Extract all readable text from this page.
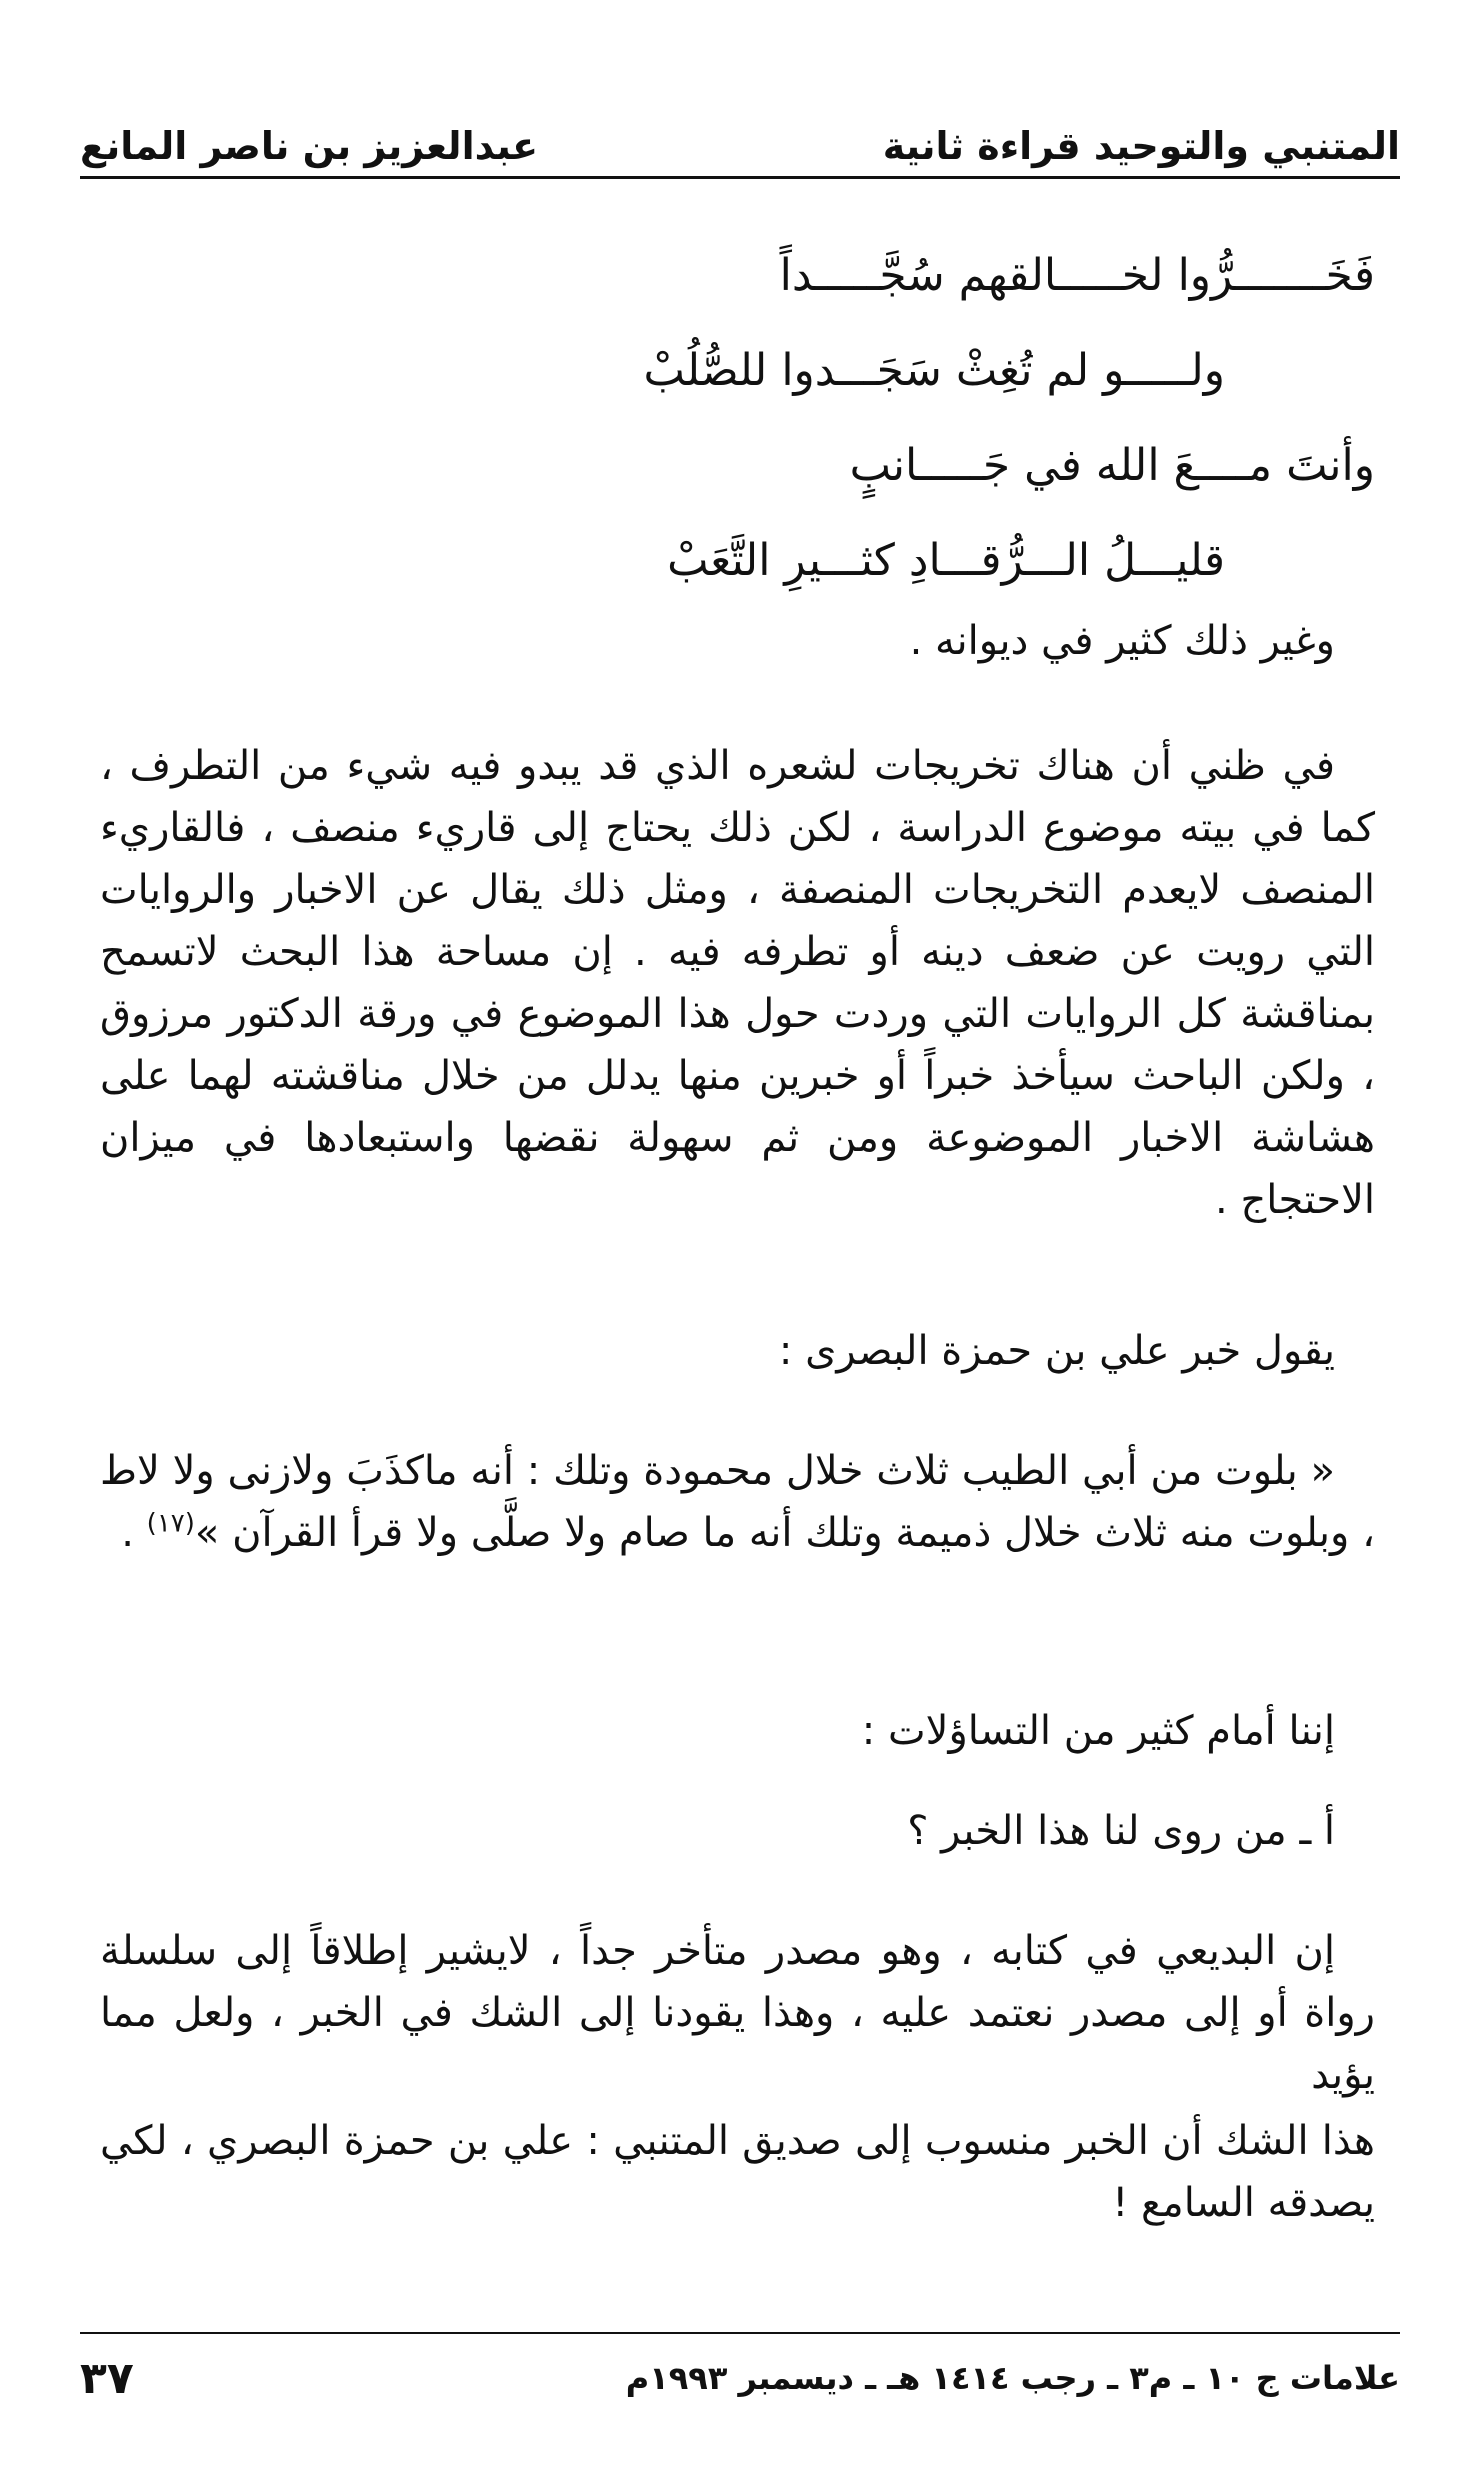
المتنبي والتوحيد قراءة ثانية
عبدالعزيز بن ناصر المانع
فَخَـــــــرُّوا لخـــــالقهم سُجَّـــــداً
ولـــــو لم تُغِثْ سَجَـــدوا للصُّلُبْ
وأنتَ مــــعَ الله في جَـــــانبٍ
قليـــلُ الـــرُّقـــادِ كثـــيرِ التَّعَبْ

وغير ذلك كثير في ديوانه .

في ظني أن هناك تخريجات لشعره الذي قد يبدو فيه شيء من التطرف ، كما في بيته موضوع الدراسة ، لكن ذلك يحتاج إلى قاريء منصف ، فالقاريء المنصف لايعدم التخريجات المنصفة ، ومثل ذلك يقال عن الاخبار والروايات التي رويت عن ضعف دينه أو تطرفه فيه . إن مساحة هذا البحث لاتسمح بمناقشة كل الروايات التي وردت حول هذا الموضوع في ورقة الدكتور مرزوق ، ولكن الباحث سيأخذ خبراً أو خبرين منها يدلل من خلال مناقشته لهما على هشاشة الاخبار الموضوعة ومن ثم سهولة نقضها واستبعادها في ميزان الاحتجاج .

يقول خبر علي بن حمزة البصرى :

« بلوت من أبي الطيب ثلاث خلال محمودة وتلك : أنه ماكذَبَ ولازنى ولا لاط ، وبلوت منه ثلاث خلال ذميمة وتلك أنه ما صام ولا صلَّى ولا قرأ القرآن »$^{(١٧)}$ .

إننا أمام كثير من التساؤلات :

أ ـ من روى لنا هذا الخبر ؟

إن البديعي في كتابه ، وهو مصدر متأخر جداً ، لايشير إطلاقاً إلى سلسلة رواة أو إلى مصدر نعتمد عليه ، وهذا يقودنا إلى الشك في الخبر ، ولعل مما يؤيد

هذا الشك أن الخبر منسوب إلى صديق المتنبي : علي بن حمزة البصري ، لكي يصدقه السامع !

علامات ج ١٠ ـ م٣ ـ رجب ١٤١٤ هـ ـ ديسمبر ١٩٩٣م
٣٧
